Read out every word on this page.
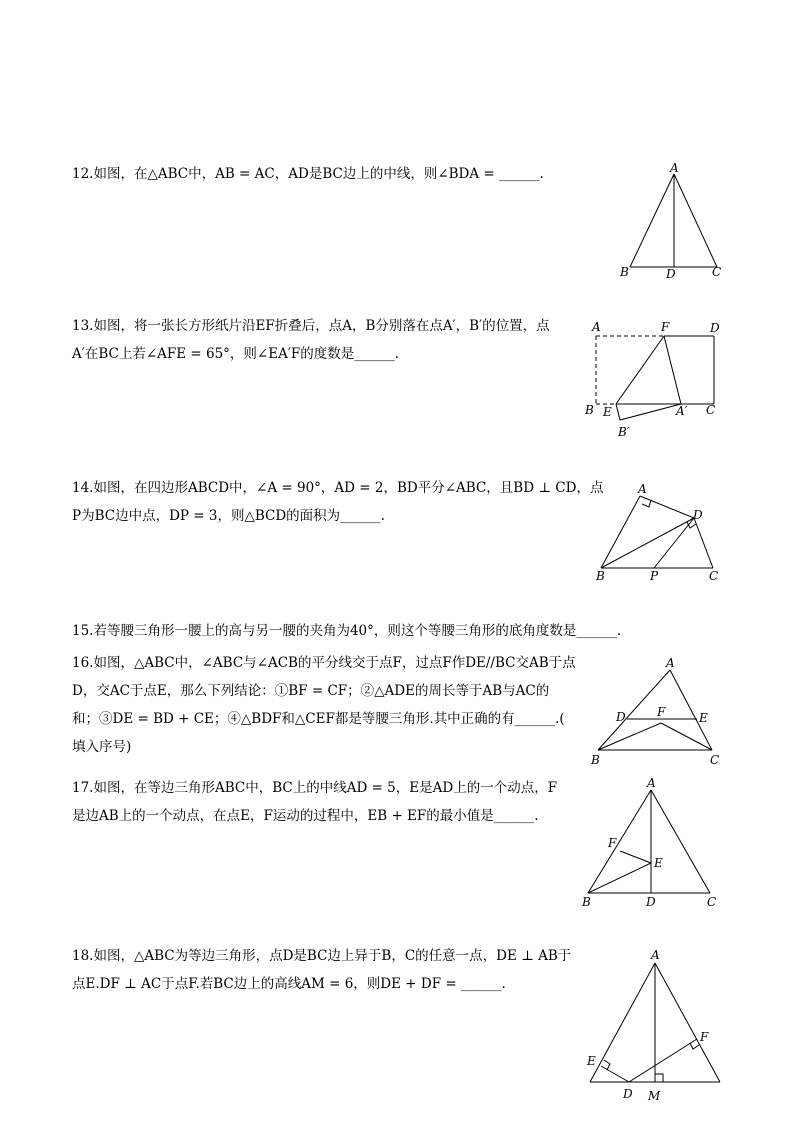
12.如图，在△ABC中，AB = AC，AD是BC边上的中线，则∠BDA = ______.
13.如图，将一张长方形纸片沿EF折叠后，点A，B分别落在点A′，B′的位置，点
A′在BC上若∠AFE = 65°，则∠EA′F的度数是______.
14.如图，在四边形ABCD中，∠A = 90°，AD = 2，BD平分∠ABC，且BD ⊥ CD，点
P为BC边中点，DP = 3，则△BCD的面积为______.
15.若等腰三角形一腰上的高与另一腰的夹角为40°，则这个等腰三角形的底角度数是______.
16.如图，△ABC中，∠ABC与∠ACB的平分线交于点F，过点F作DE//BC交AB于点
D，交AC于点E，那么下列结论：①BF = CF；②△ADE的周长等于AB与AC的
和；③DE = BD + CE；④△BDF和△CEF都是等腰三角形.其中正确的有______.(
填入序号)
17.如图，在等边三角形ABC中，BC上的中线AD = 5，E是AD上的一个动点，F
是边AB上的一个动点，在点E，F运动的过程中，EB + EF的最小值是______.
18.如图，△ABC为等边三角形，点D是BC边上异于B，C的任意一点，DE ⊥ AB于
点E.DF ⊥ AC于点F.若BC边上的高线AM = 6，则DE + DF = ______.
A
B	D	C
A	F	D
B E	A′ C
B′
A
D
B	P	C
A
D	F	E
B	C
A
F
E
B	D	C
A
E
F
D M
